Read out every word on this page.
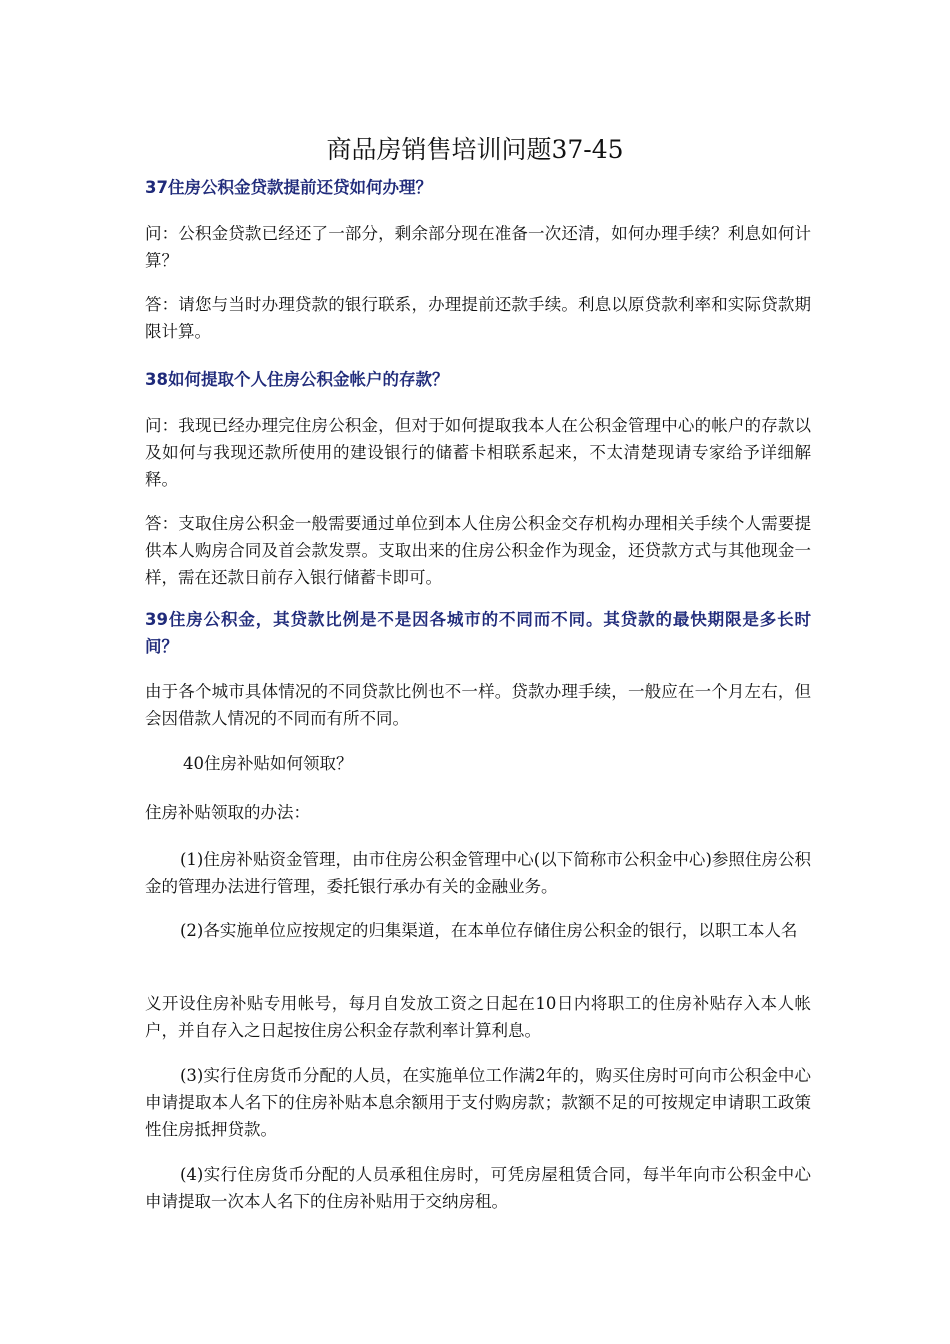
商品房销售培训问题37-45

37住房公积金贷款提前还贷如何办理？

问：公积金贷款已经还了一部分，剩余部分现在准备一次还清，如何办理手续？利息如何计算？

答：请您与当时办理贷款的银行联系，办理提前还款手续。利息以原贷款利率和实际贷款期限计算。

38如何提取个人住房公积金帐户的存款？

问：我现已经办理完住房公积金，但对于如何提取我本人在公积金管理中心的帐户的存款以及如何与我现还款所使用的建设银行的储蓄卡相联系起来，不太清楚现请专家给予详细解释。

答：支取住房公积金一般需要通过单位到本人住房公积金交存机构办理相关手续个人需要提供本人购房合同及首会款发票。支取出来的住房公积金作为现金，还贷款方式与其他现金一样，需在还款日前存入银行储蓄卡即可。

39住房公积金，其贷款比例是不是因各城市的不同而不同。其贷款的最快期限是多长时间？

由于各个城市具体情况的不同贷款比例也不一样。贷款办理手续，一般应在一个月左右，但会因借款人情况的不同而有所不同。

40住房补贴如何领取？

住房补贴领取的办法：

(1)住房补贴资金管理，由市住房公积金管理中心(以下简称市公积金中心)参照住房公积金的管理办法进行管理，委托银行承办有关的金融业务。

(2)各实施单位应按规定的归集渠道，在本单位存储住房公积金的银行，以职工本人名

义开设住房补贴专用帐号，每月自发放工资之日起在10日内将职工的住房补贴存入本人帐户，并自存入之日起按住房公积金存款利率计算利息。

(3)实行住房货币分配的人员，在实施单位工作满2年的，购买住房时可向市公积金中心申请提取本人名下的住房补贴本息余额用于支付购房款；款额不足的可按规定申请职工政策性住房抵押贷款。

(4)实行住房货币分配的人员承租住房时，可凭房屋租赁合同，每半年向市公积金中心申请提取一次本人名下的住房补贴用于交纳房租。
